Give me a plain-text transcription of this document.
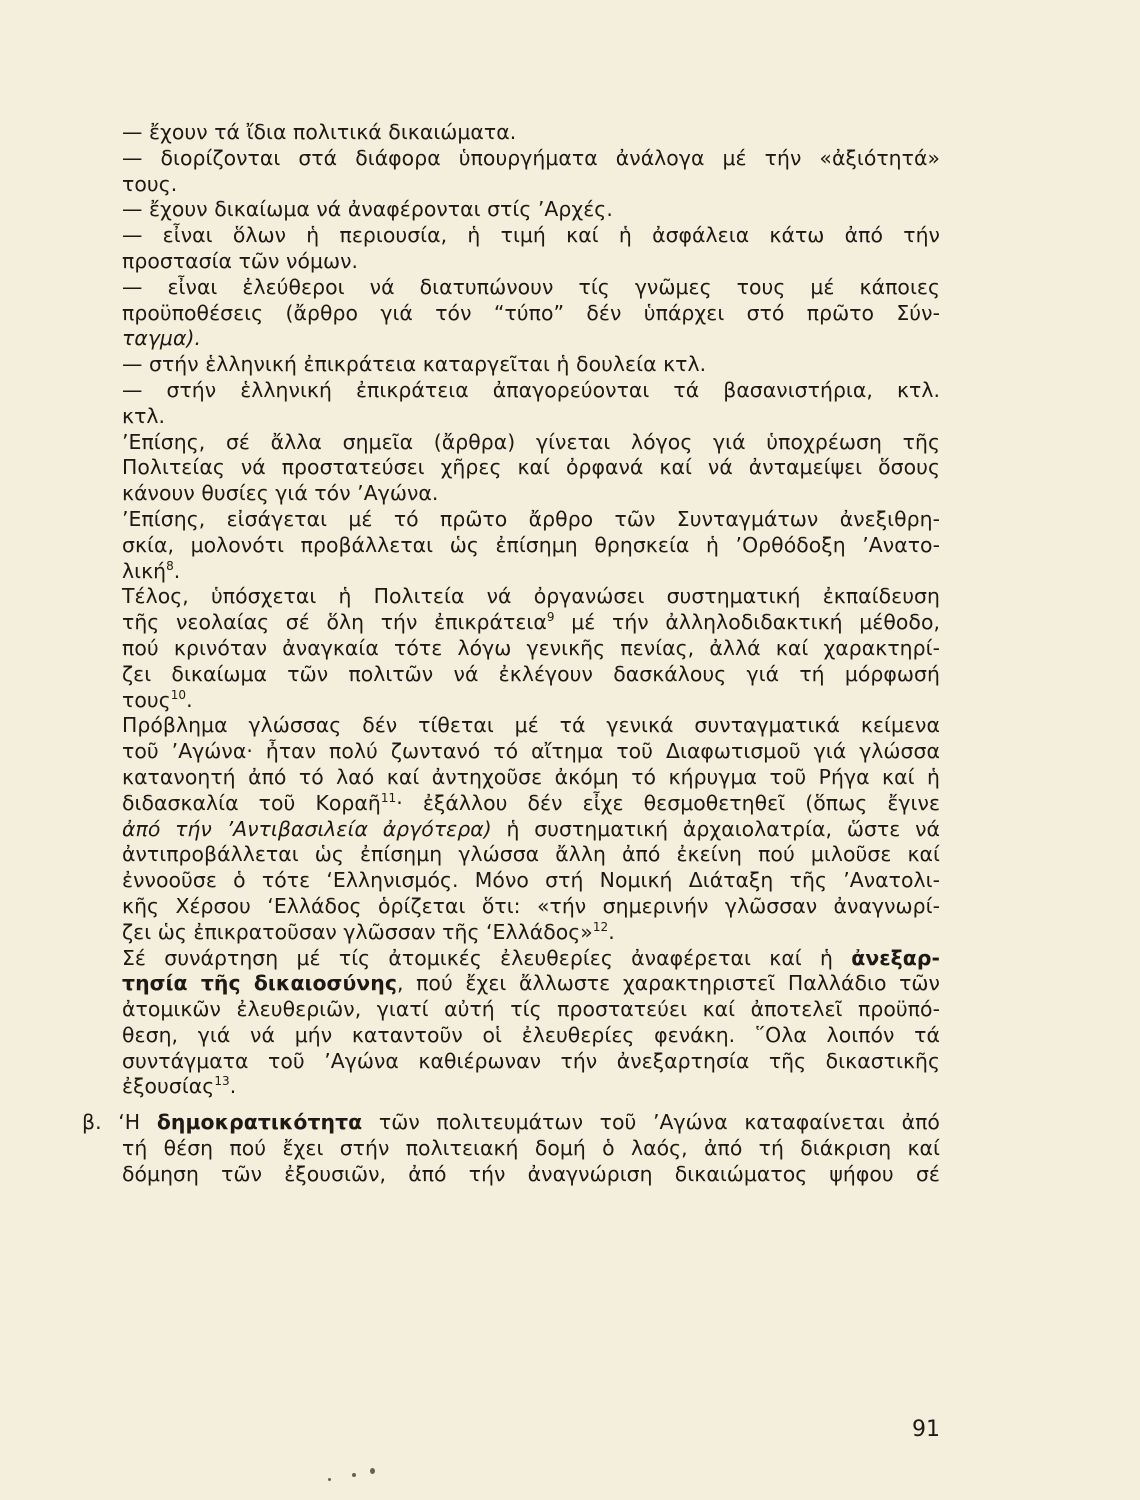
— ἔχουν τά ἴδια πολιτικά δικαιώματα.
— διορίζονται στά διάφορα ὑπουργήματα ἀνάλογα μέ τήν «ἀξιότητά»
τους.
— ἔχουν δικαίωμα νά ἀναφέρονται στίς ’Αρχές.
— εἶναι ὅλων ἡ περιουσία, ἡ τιμή καί ἡ ἀσφάλεια κάτω ἀπό τήν
προστασία τῶν νόμων.
— εἶναι ἐλεύθεροι νά διατυπώνουν τίς γνῶμες τους μέ κάποιες
προϋποθέσεις (ἄρθρο γιά τόν “τύπο” δέν ὑπάρχει στό πρῶτο Σύν-
ταγμα).
— στήν ἑλληνική ἐπικράτεια καταργεῖται ἡ δουλεία κτλ.
— στήν ἑλληνική ἐπικράτεια ἀπαγορεύονται τά βασανιστήρια, κτλ.
κτλ.
’Επίσης, σέ ἄλλα σημεῖα (ἄρθρα) γίνεται λόγος γιά ὑποχρέωση τῆς
Πολιτείας νά προστατεύσει χῆρες καί ὀρφανά καί νά ἀνταμείψει ὅσους
κάνουν θυσίες γιά τόν ’Αγώνα.
’Επίσης, εἰσάγεται μέ τό πρῶτο ἄρθρο τῶν Συνταγμάτων ἀνεξιθρη-
σκία, μολονότι προβάλλεται ὡς ἐπίσημη θρησκεία ἡ ’Ορθόδοξη ’Ανατο-
λική$^8$.
Τέλος, ὑπόσχεται ἡ Πολιτεία νά ὀργανώσει συστηματική ἐκπαίδευση
τῆς νεολαίας σέ ὅλη τήν ἐπικράτεια$^9$ μέ τήν ἀλληλοδιδακτική μέθοδο,
πού κρινόταν ἀναγκαία τότε λόγω γενικῆς πενίας, ἀλλά καί χαρακτηρί-
ζει δικαίωμα τῶν πολιτῶν νά ἐκλέγουν δασκάλους γιά τή μόρφωσή
τους$^{10}$.
Πρόβλημα γλώσσας δέν τίθεται μέ τά γενικά συνταγματικά κείμενα
τοῦ ’Αγώνα· ἦταν πολύ ζωντανό τό αἴτημα τοῦ Διαφωτισμοῦ γιά γλώσσα
κατανοητή ἀπό τό λαό καί ἀντηχοῦσε ἀκόμη τό κήρυγμα τοῦ Ρήγα καί ἡ
διδασκαλία τοῦ Κοραῆ$^{11}$· ἐξάλλου δέν εἶχε θεσμοθετηθεῖ (ὅπως ἔγινε
ἀπό τήν ’Αντιβασιλεία ἀργότερα) ἡ συστηματική ἀρχαιολατρία, ὥστε νά
ἀντιπροβάλλεται ὡς ἐπίσημη γλώσσα ἄλλη ἀπό ἐκείνη πού μιλοῦσε καί
ἐννοοῦσε ὁ τότε ‘Ελληνισμός. Μόνο στή Νομική Διάταξη τῆς ’Ανατολι-
κῆς Χέρσου ‘Ελλάδος ὁρίζεται ὅτι: «τήν σημερινήν γλῶσσαν ἀναγνωρί-
ζει ὡς ἐπικρατοῦσαν γλῶσσαν τῆς ‘Ελλάδος»$^{12}$.
Σέ συνάρτηση μέ τίς ἀτομικές ἐλευθερίες ἀναφέρεται καί ἡ ἀνεξαρ-
τησία τῆς δικαιοσύνης, πού ἔχει ἄλλωστε χαρακτηριστεῖ Παλλάδιο τῶν
ἀτομικῶν ἐλευθεριῶν, γιατί αὐτή τίς προστατεύει καί ἀποτελεῖ προϋπό-
θεση, γιά νά μήν καταντοῦν οἱ ἐλευθερίες φενάκη. ῞Ολα λοιπόν τά
συντάγματα τοῦ ’Αγώνα καθιέρωναν τήν ἀνεξαρτησία τῆς δικαστικῆς
ἐξουσίας$^{13}$.
β. ‘Η δημοκρατικότητα τῶν πολιτευμάτων τοῦ ’Αγώνα καταφαίνεται ἀπό
τή θέση πού ἔχει στήν πολιτειακή δομή ὁ λαός, ἀπό τή διάκριση καί
δόμηση τῶν ἐξουσιῶν, ἀπό τήν ἀναγνώριση δικαιώματος ψήφου σέ
91
